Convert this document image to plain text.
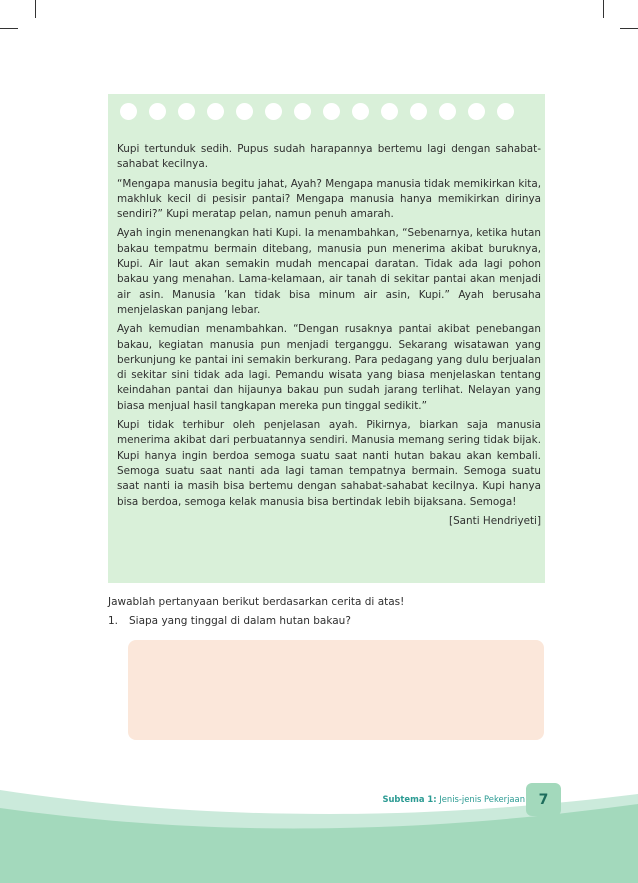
Kupi tertunduk sedih. Pupus sudah harapannya bertemu lagi dengan sahabat- sahabat kecilnya.

“Mengapa manusia begitu jahat, Ayah? Mengapa manusia tidak memikirkan kita, makhluk kecil di pesisir pantai? Mengapa manusia hanya memikirkan dirinya sendiri?” Kupi meratap pelan, namun penuh amarah.

Ayah ingin menenangkan hati Kupi. Ia menambahkan, “Sebenarnya, ketika hutan bakau tempatmu bermain ditebang, manusia pun menerima akibat buruknya, Kupi. Air laut akan semakin mudah mencapai daratan. Tidak ada lagi pohon bakau yang menahan. Lama-kelamaan, air tanah di sekitar pantai akan menjadi air asin. Manusia ’kan tidak bisa minum air asin, Kupi.” Ayah berusaha menjelaskan panjang lebar.

Ayah kemudian menambahkan. “Dengan rusaknya pantai akibat penebangan bakau, kegiatan manusia pun menjadi terganggu. Sekarang wisatawan yang berkunjung ke pantai ini semakin berkurang. Para pedagang yang dulu berjualan di sekitar sini tidak ada lagi. Pemandu wisata yang biasa menjelaskan tentang keindahan pantai dan hijaunya bakau pun sudah jarang terlihat. Nelayan yang biasa menjual hasil tangkapan mereka pun tinggal sedikit.”

Kupi tidak terhibur oleh penjelasan ayah. Pikirnya, biarkan saja manusia menerima akibat dari perbuatannya sendiri. Manusia memang sering tidak bijak. Kupi hanya ingin berdoa semoga suatu saat nanti hutan bakau akan kembali. Semoga suatu saat nanti ada lagi taman tempatnya bermain. Semoga suatu saat nanti ia masih bisa bertemu dengan sahabat-sahabat kecilnya. Kupi hanya bisa berdoa, semoga kelak manusia bisa bertindak lebih bijaksana. Semoga!

[Santi Hendriyeti]

Jawablah pertanyaan berikut berdasarkan cerita di atas!
1. Siapa yang tinggal di dalam hutan bakau?
Subtema 1: Jenis-jenis Pekerjaan 7
